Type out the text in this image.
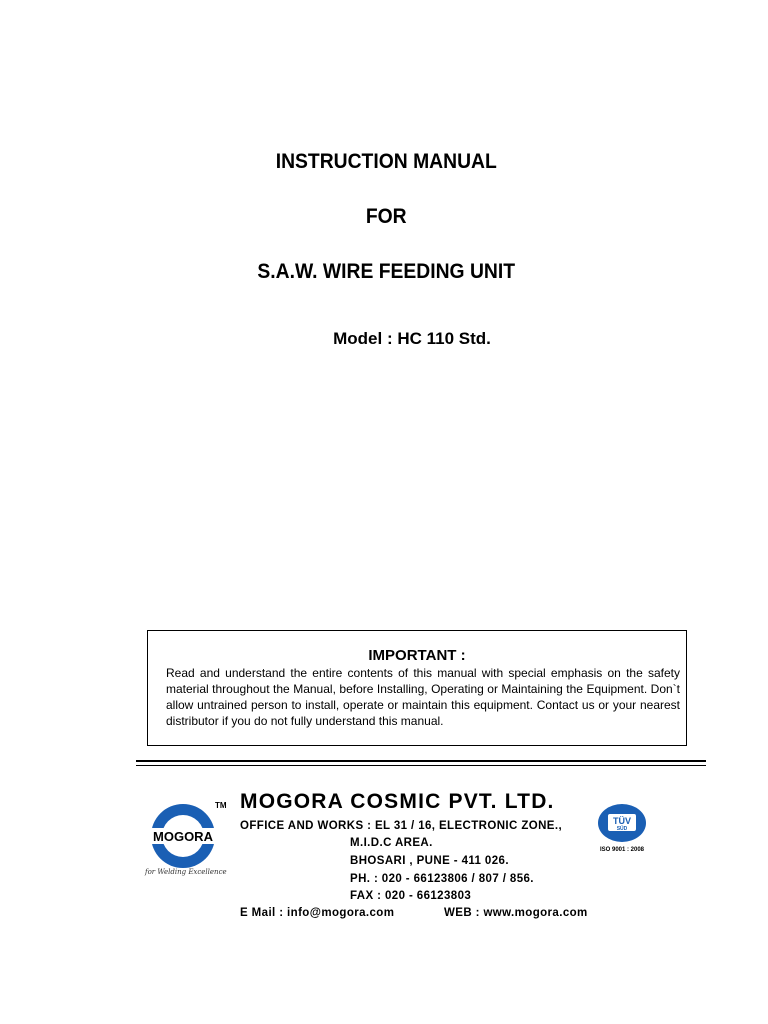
INSTRUCTION MANUAL
FOR
S.A.W. WIRE FEEDING UNIT
Model : HC 110 Std.
IMPORTANT :
Read and understand the entire contents of this manual with special emphasis on the safety material throughout the Manual, before Installing, Operating or Maintaining the Equipment. Don`t allow untrained person to install, operate or maintain this equipment. Contact us or your nearest distributor if you do not fully understand this manual.
MOGORA
TM
for Welding Excellence
MOGORA COSMIC PVT. LTD.
OFFICE AND WORKS : EL 31 / 16, ELECTRONIC ZONE.,
M.I.D.C AREA.
BHOSARI , PUNE - 411 026.
PH. : 020 - 66123806 / 807 / 856.
FAX : 020 - 66123803
E Mail : info@mogora.com	WEB : www.mogora.com
TÜV
SÜD
ISO 9001 : 2008
